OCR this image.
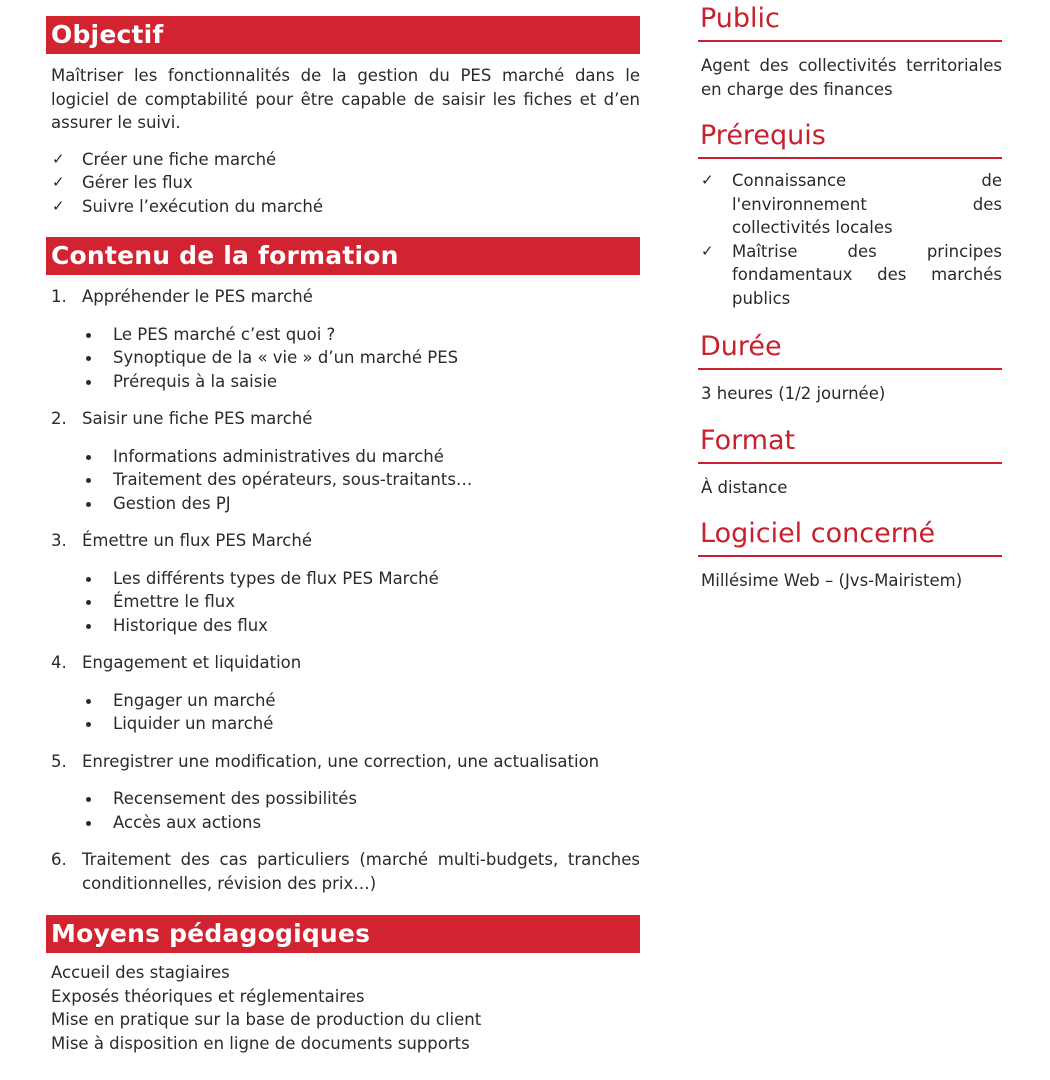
Objectif

Maîtriser les fonctionnalités de la gestion du PES marché dans le logiciel de comptabilité pour être capable de saisir les fiches et d’en assurer le suivi.

✓ Créer une fiche marché
✓ Gérer les flux
✓ Suivre l’exécution du marché
Contenu de la formation
1. Appréhender le PES marché
Le PES marché c’est quoi ?
Synoptique de la « vie » d’un marché PES
Prérequis à la saisie
2. Saisir une fiche PES marché
Informations administratives du marché
Traitement des opérateurs, sous-traitants…
Gestion des PJ
3. Émettre un flux PES Marché
Les différents types de flux PES Marché
Émettre le flux
Historique des flux
4. Engagement et liquidation
Engager un marché
Liquider un marché
5. Enregistrer une modification, une correction, une actualisation
Recensement des possibilités
Accès aux actions
6. Traitement des cas particuliers (marché multi-budgets, tranches conditionnelles, révision des prix…)
Moyens pédagogiques
Accueil des stagiaires
Exposés théoriques et réglementaires
Mise en pratique sur la base de production du client
Mise à disposition en ligne de documents supports
Public
Agent des collectivités territoriales en charge des finances
Prérequis
✓ Connaissance de l'environnement des collectivités locales
✓ Maîtrise des principes fondamentaux des marchés publics
Durée
3 heures (1/2 journée)
Format
À distance
Logiciel concerné
Millésime Web – (Jvs-Mairistem)
